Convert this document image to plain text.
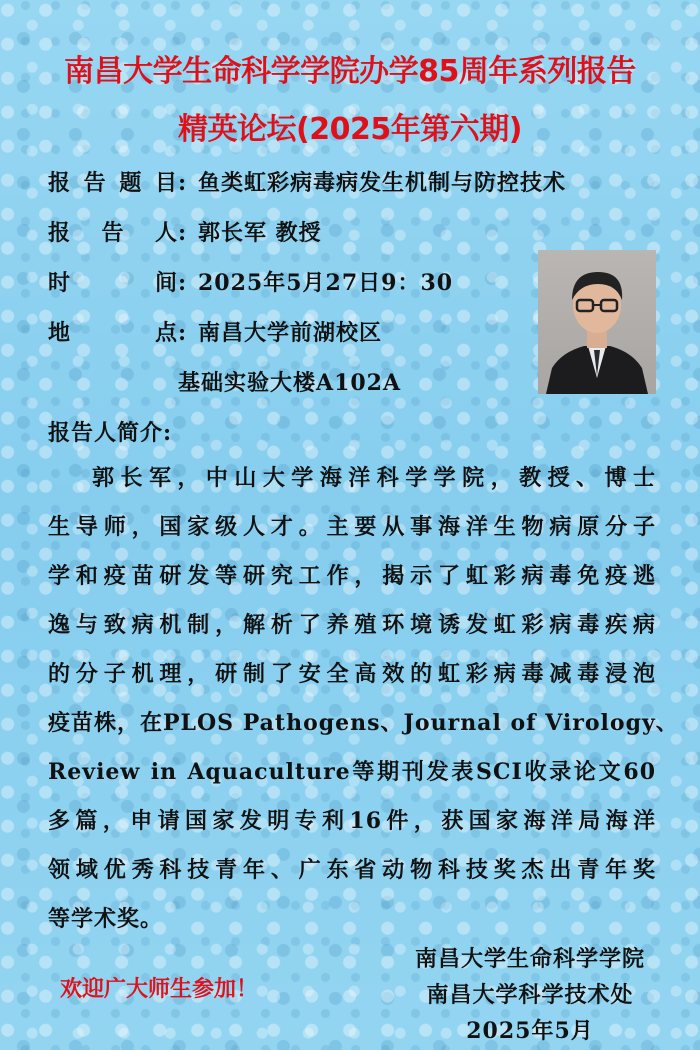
南昌大学生命科学学院办学85周年系列报告
精英论坛(2025年第六期)
报告题目: 鱼类虹彩病毒病发生机制与防控技术
报告人: 郭长军 教授
时间: 2025年5月27日9：30
地点: 南昌大学前湖校区
基础实验大楼A102A
报告人简介:
郭长军，中山大学海洋科学学院，教授、博士
生导师，国家级人才。主要从事海洋生物病原分子
学和疫苗研发等研究工作，揭示了虹彩病毒免疫逃
逸与致病机制，解析了养殖环境诱发虹彩病毒疾病
的分子机理，研制了安全高效的虹彩病毒减毒浸泡
疫苗株，在PLOS Pathogens、Journal of Virology、
Review in Aquaculture等期刊发表SCI收录论文60
多篇，申请国家发明专利16件，获国家海洋局海洋
领域优秀科技青年、广东省动物科技奖杰出青年奖
等学术奖。
欢迎广大师生参加！
南昌大学生命科学学院
南昌大学科学技术处
2025年5月
